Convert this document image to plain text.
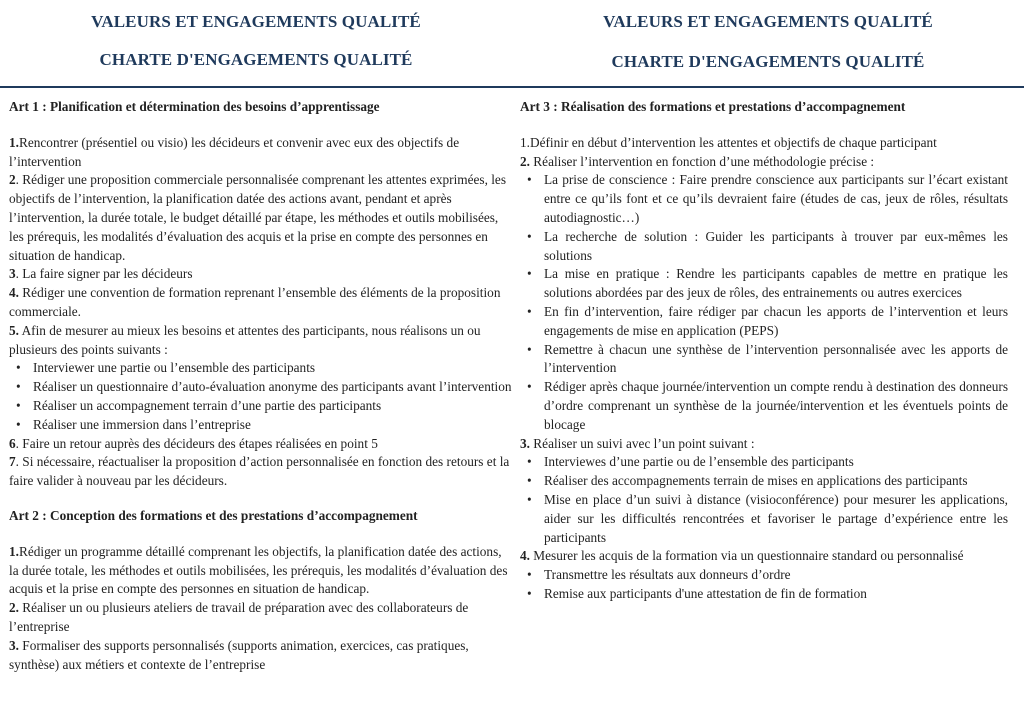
VALEURS ET ENGAGEMENTS QUALITÉ
CHARTE D'ENGAGEMENTS QUALITÉ
VALEURS ET ENGAGEMENTS QUALITÉ
CHARTE D'ENGAGEMENTS QUALITÉ

Art 1 : Planification et détermination des besoins d’apprentissage

1.Rencontrer (présentiel ou visio) les décideurs et convenir avec eux des objectifs de l’intervention

2. Rédiger une proposition commerciale personnalisée comprenant les attentes exprimées, les objectifs de l’intervention, la planification datée des actions avant, pendant et après l’intervention, la durée totale, le budget détaillé par étape, les méthodes et outils mobilisées, les prérequis, les modalités d’évaluation des acquis et la prise en compte des personnes en situation de handicap.

3. La faire signer par les décideurs

4. Rédiger une convention de formation reprenant l’ensemble des éléments de la proposition commerciale.

5. Afin de mesurer au mieux les besoins et attentes des participants, nous réalisons un ou plusieurs des points suivants :

• Interviewer une partie ou l’ensemble des participants
• Réaliser un questionnaire d’auto-évaluation anonyme des participants avant l’intervention
• Réaliser un accompagnement terrain d’une partie des participants
• Réaliser une immersion dans l’entreprise

6. Faire un retour auprès des décideurs des étapes réalisées en point 5

7. Si nécessaire, réactualiser la proposition d’action personnalisée en fonction des retours et la faire valider à nouveau par les décideurs.

Art 2 : Conception des formations et des prestations d’accompagnement

1.Rédiger un programme détaillé comprenant les objectifs, la planification datée des actions, la durée totale, les méthodes et outils mobilisées, les prérequis, les modalités d’évaluation des acquis et la prise en compte des personnes en situation de handicap.

2. Réaliser un ou plusieurs ateliers de travail de préparation avec des collaborateurs de l’entreprise

3. Formaliser des supports personnalisés (supports animation, exercices, cas pratiques, synthèse) aux métiers et contexte de l’entreprise

Art 3 : Réalisation des formations et prestations d’accompagnement

1.Définir en début d’intervention les attentes et objectifs de chaque participant

2. Réaliser l’intervention en fonction d’une méthodologie précise :

• La prise de conscience : Faire prendre conscience aux participants sur l’écart existant entre ce qu’ils font et ce qu’ils devraient faire (études de cas, jeux de rôles, résultats autodiagnostic…)
• La recherche de solution : Guider les participants à trouver par eux-mêmes les solutions
• La mise en pratique : Rendre les participants capables de mettre en pratique les solutions abordées par des jeux de rôles, des entrainements ou autres exercices
• En fin d’intervention, faire rédiger par chacun les apports de l’intervention et leurs engagements de mise en application (PEPS)
• Remettre à chacun une synthèse de l’intervention personnalisée avec les apports de l’intervention
• Rédiger après chaque journée/intervention un compte rendu à destination des donneurs d’ordre comprenant un synthèse de la journée/intervention et les éventuels points de blocage

3. Réaliser un suivi avec l’un point suivant :

• Interviewes d’une partie ou de l’ensemble des participants
• Réaliser des accompagnements terrain de mises en applications des participants
• Mise en place d’un suivi à distance (visioconférence) pour mesurer les applications, aider sur les difficultés rencontrées et favoriser le partage d’expérience entre les participants

4. Mesurer les acquis de la formation via un questionnaire standard ou personnalisé

• Transmettre les résultats aux donneurs d’ordre
• Remise aux participants d'une attestation de fin de formation
